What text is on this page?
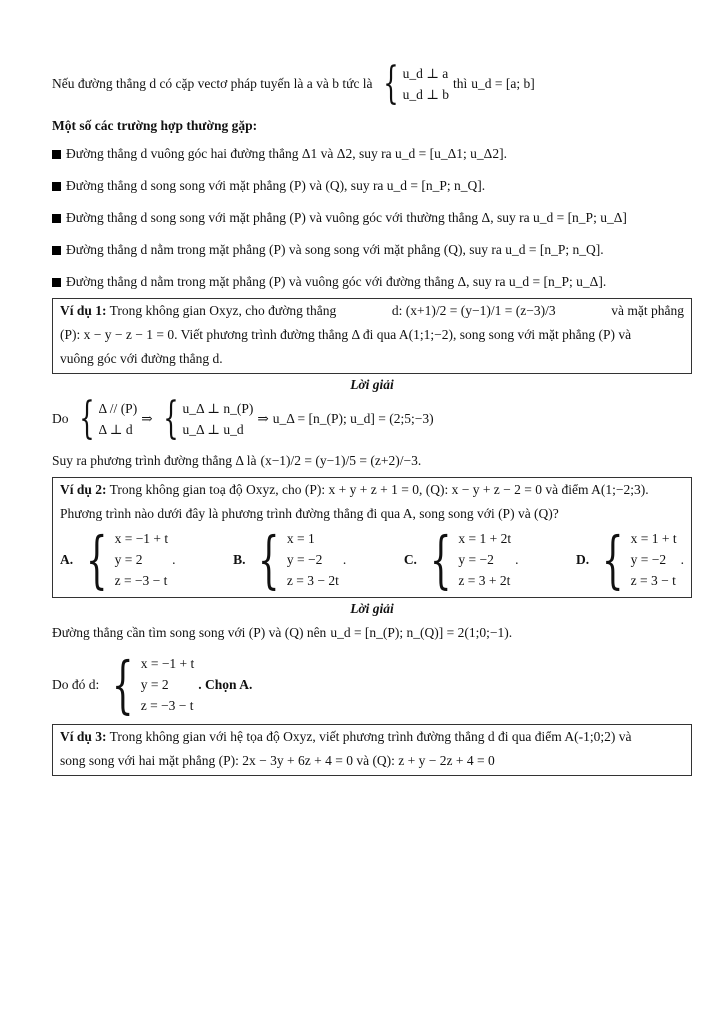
Nếu đường thẳng d có cặp vectơ pháp tuyến là a và b tức là { u_d ⊥ a
u_d ⊥ b
thì u_d = [a; b]
Một số các trường hợp thường gặp:
Đường thẳng d vuông góc hai đường thẳng Δ1 và Δ2, suy ra u_d = [u_Δ1; u_Δ2].
Đường thẳng d song song với mặt phẳng (P) và (Q), suy ra u_d = [n_P; n_Q].
Đường thẳng d song song với mặt phẳng (P) và vuông góc với thường thẳng Δ, suy ra u_d = [n_P; u_Δ]
Đường thẳng d nằm trong mặt phẳng (P) và song song với mặt phẳng (Q), suy ra u_d = [n_P; n_Q].
Đường thẳng d nằm trong mặt phẳng (P) và vuông góc với đường thẳng Δ, suy ra u_d = [n_P; u_Δ].
Ví dụ 1: Trong không gian Oxyz, cho đường thẳng	d: (x+1)/2 = (y−1)/1 = (z−3)/3	và mặt phẳng
(P): x − y − z − 1 = 0. Viết phương trình đường thẳng Δ đi qua A(1;1;−2), song song với mặt phẳng (P) và
vuông góc với đường thẳng d.
Lời giải
Do { Δ // (P)
Δ ⊥ d
⇒ { u_Δ ⊥ n_(P)
u_Δ ⊥ u_d
⇒ u_Δ = [n_(P); u_d] = (2;5;−3)
Suy ra phương trình đường thẳng Δ là (x−1)/2 = (y−1)/5 = (z+2)/−3.
Ví dụ 2: Trong không gian toạ độ Oxyz, cho (P): x + y + z + 1 = 0, (Q): x − y + z − 2 = 0 và điểm A(1;−2;3).
Phương trình nào dưới đây là phương trình đường thẳng đi qua A, song song với (P) và (Q)?
A. { x = −1 + t
y = 2
z = −3 − t
.	B. { x = 1
y = −2
z = 3 − 2t
.	C. { x = 1 + 2t
y = −2
z = 3 + 2t
.	D. { x = 1 + t
y = −2
z = 3 − t
.
Lời giải
Đường thẳng cần tìm song song với (P) và (Q) nên u_d = [n_(P); n_(Q)] = 2(1;0;−1).
Do đó d: { x = −1 + t
y = 2
z = −3 − t
. Chọn A.
Ví dụ 3: Trong không gian với hệ tọa độ Oxyz, viết phương trình đường thẳng d đi qua điểm A(-1;0;2) và
song song với hai mặt phẳng (P): 2x − 3y + 6z + 4 = 0 và (Q): z + y − 2z + 4 = 0
